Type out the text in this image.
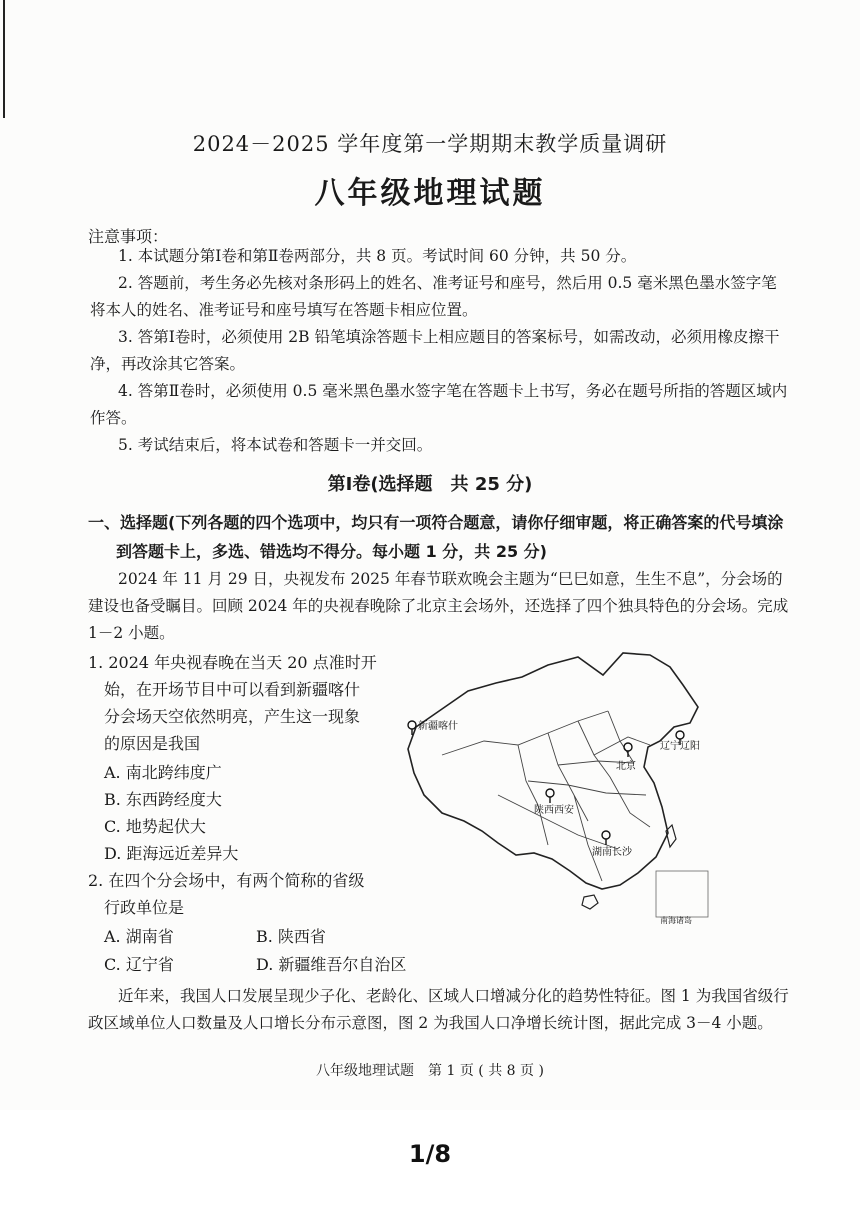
2024－2025 学年度第一学期期末教学质量调研
八年级地理试题
注意事项：
1. 本试题分第Ⅰ卷和第Ⅱ卷两部分，共 8 页。考试时间 60 分钟，共 50 分。
2. 答题前，考生务必先核对条形码上的姓名、准考证号和座号，然后用 0.5 毫米黑色墨水签字笔将本人的姓名、准考证号和座号填写在答题卡相应位置。
3. 答第Ⅰ卷时，必须使用 2B 铅笔填涂答题卡上相应题目的答案标号，如需改动，必须用橡皮擦干净，再改涂其它答案。
4. 答第Ⅱ卷时，必须使用 0.5 毫米黑色墨水签字笔在答题卡上书写，务必在题号所指的答题区域内作答。
5. 考试结束后，将本试卷和答题卡一并交回。
第Ⅰ卷(选择题　共 25 分)
一、选择题(下列各题的四个选项中，均只有一项符合题意，请你仔细审题，将正确答案的代号填涂到答题卡上，多选、错选均不得分。每小题 1 分，共 25 分)
2024 年 11 月 29 日，央视发布 2025 年春节联欢晚会主题为“巳巳如意，生生不息”，分会场的建设也备受瞩目。回顾 2024 年的央视春晚除了北京主会场外，还选择了四个独具特色的分会场。完成 1－2 小题。
1. 2024 年央视春晚在当天 20 点准时开
始，在开场节目中可以看到新疆喀什
分会场天空依然明亮，产生这一现象
的原因是我国
A. 南北跨纬度广
B. 东西跨经度大
C. 地势起伏大
D. 距海远近差异大
2. 在四个分会场中，有两个简称的省级
行政单位是
A. 湖南省	B. 陕西省
C. 辽宁省	D. 新疆维吾尔自治区
新疆喀什
辽宁辽阳
北京
陕西西安
湖南长沙
南海诸岛
近年来，我国人口发展呈现少子化、老龄化、区域人口增减分化的趋势性特征。图 1 为我国省级行政区域单位人口数量及人口增长分布示意图，图 2 为我国人口净增长统计图，据此完成 3－4 小题。
八年级地理试题　第 1 页 ( 共 8 页 )
1/8
